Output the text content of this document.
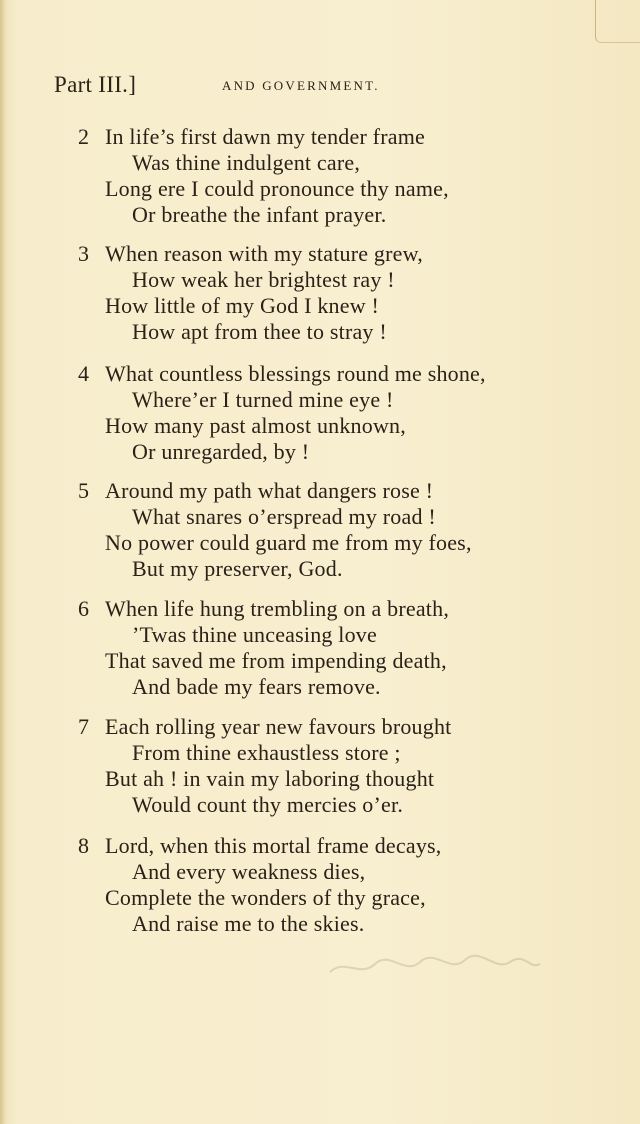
Part III.]	AND GOVERNMENT.
2 In life’s first dawn my tender frame
Was thine indulgent care,
Long ere I could pronounce thy name,
Or breathe the infant prayer.
3 When reason with my stature grew,
How weak her brightest ray !
How little of my God I knew !
How apt from thee to stray !
4 What countless blessings round me shone,
Where’er I turned mine eye !
How many past almost unknown,
Or unregarded, by !
5 Around my path what dangers rose !
What snares o’erspread my road !
No power could guard me from my foes,
But my preserver, God.
6 When life hung trembling on a breath,
’Twas thine unceasing love
That saved me from impending death,
And bade my fears remove.
7 Each rolling year new favours brought
From thine exhaustless store ;
But ah ! in vain my laboring thought
Would count thy mercies o’er.
8 Lord, when this mortal frame decays,
And every weakness dies,
Complete the wonders of thy grace,
And raise me to the skies.
